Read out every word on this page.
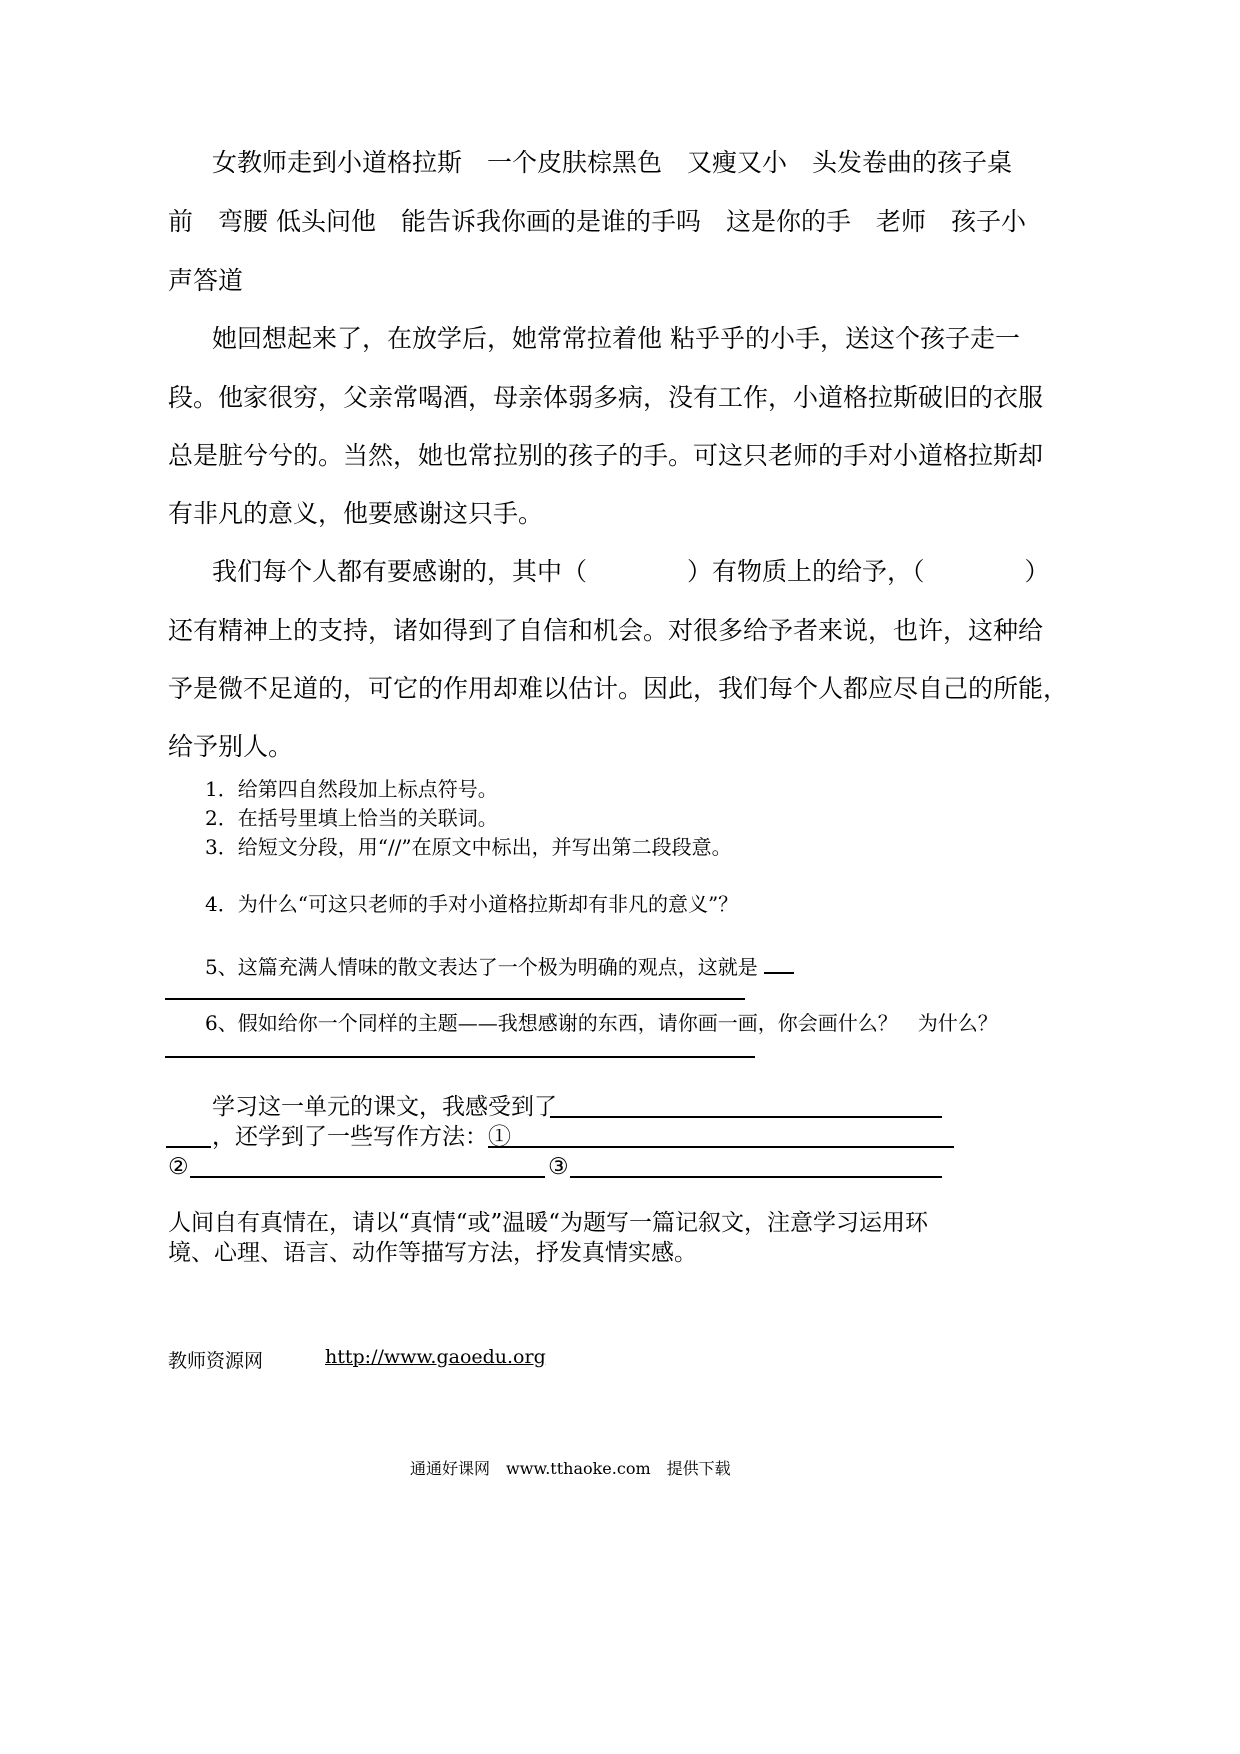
女教师走到小道格拉斯　一个皮肤棕黑色　又瘦又小　头发卷曲的孩子桌
前　弯腰 低头问他　能告诉我你画的是谁的手吗　这是你的手　老师　孩子小
声答道
她回想起来了，在放学后，她常常拉着他 粘乎乎的小手，送这个孩子走一
段。他家很穷，父亲常喝酒，母亲体弱多病，没有工作，小道格拉斯破旧的衣服
总是脏兮兮的。当然，她也常拉别的孩子的手。可这只老师的手对小道格拉斯却
有非凡的意义，他要感谢这只手。
我们每个人都有要感谢的，其中（　　　　）有物质上的给予，（　　　　）
还有精神上的支持，诸如得到了自信和机会。对很多给予者来说，也许，这种给
予是微不足道的，可它的作用却难以估计。因此，我们每个人都应尽自己的所能，
给予别人。
1．给第四自然段加上标点符号。
2．在括号里填上恰当的关联词。
3．给短文分段，用“//”在原文中标出，并写出第二段段意。
4．为什么“可这只老师的手对小道格拉斯却有非凡的意义”？
5、这篇充满人情味的散文表达了一个极为明确的观点，这就是
6、假如给你一个同样的主题——我想感谢的东西，请你画一画，你会画什么？　为什么？
学习这一单元的课文，我感受到了
，还学到了一些写作方法：①
②	③
人间自有真情在，请以“真情“或”温暖“为题写一篇记叙文，注意学习运用环
境、心理、语言、动作等描写方法，抒发真情实感。
教师资源网	http://www.gaoedu.org
通通好课网　www.tthaoke.com　提供下载
